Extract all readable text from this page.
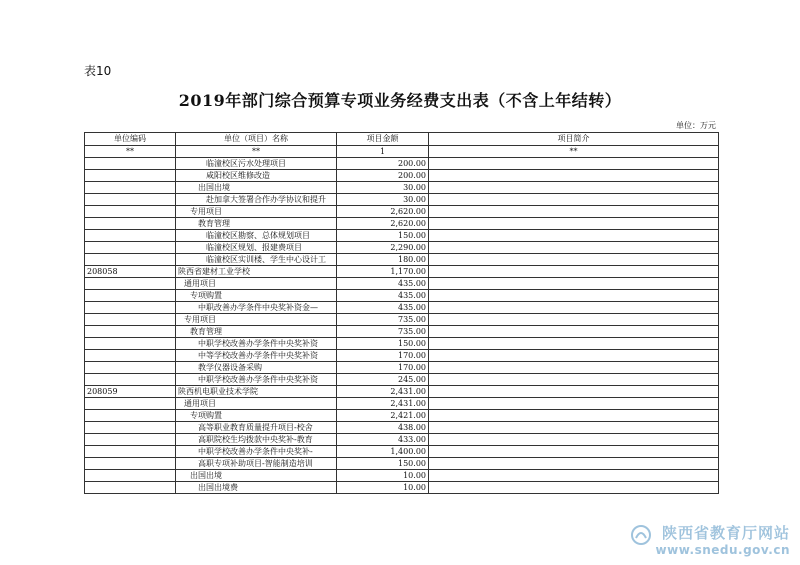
表10
2019年部门综合预算专项业务经费支出表（不含上年结转）
单位：万元
单位编码	单位（项目）名称	项目金额	项目简介
**	**	1	**
	临潼校区污水处理项目	200.00	
	咸阳校区维修改造	200.00	
	出国出境	30.00	
	赴加拿大签署合作办学协议和提升	30.00	
	专用项目	2,620.00	
	教育管理	2,620.00	
	临潼校区勘察、总体规划项目	150.00	
	临潼校区规划、报建费项目	2,290.00	
	临潼校区实训楼、学生中心设计工	180.00	
208058	陕西省建材工业学校	1,170.00	
	通用项目	435.00	
	专项购置	435.00	
	中职改善办学条件中央奖补资金—	435.00	
	专用项目	735.00	
	教育管理	735.00	
	中职学校改善办学条件中央奖补资	150.00	
	中等学校改善办学条件中央奖补资	170.00	
	教学仪器设备采购	170.00	
	中职学校改善办学条件中央奖补资	245.00	
208059	陕西机电职业技术学院	2,431.00	
	通用项目	2,431.00	
	专项购置	2,421.00	
	高等职业教育质量提升项目-校舍	438.00	
	高职院校生均拨款中央奖补-教育	433.00	
	中职学校改善办学条件中央奖补-	1,400.00	
	高职专项补助项目-智能制造培训	150.00	
	出国出境	10.00	
	出国出境费	10.00	
陕西省教育厅网站
www.snedu.gov.cn
